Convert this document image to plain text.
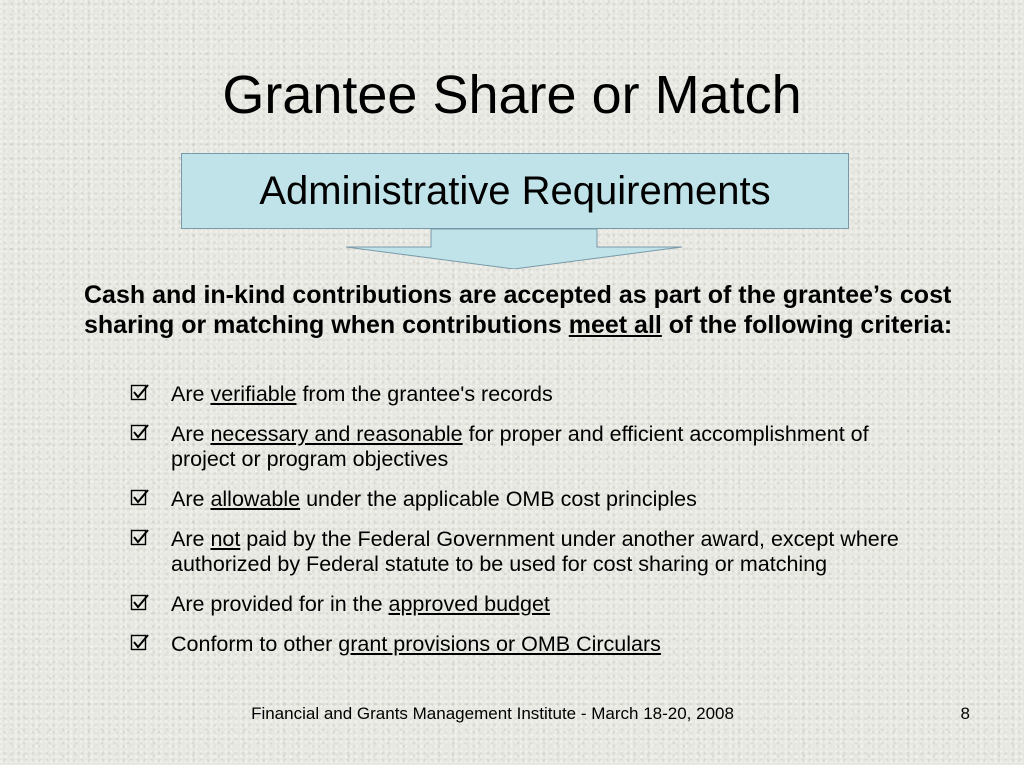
Grantee Share or Match
Administrative Requirements
Cash and in-kind contributions are accepted as part of the grantee’s cost sharing or matching when contributions meet all of the following criteria:
Are verifiable from the grantee's records
Are necessary and reasonable for proper and efficient accomplishment of project or program objectives
Are allowable under the applicable OMB cost principles
Are not paid by the Federal Government under another award, except where authorized by Federal statute to be used for cost sharing or matching
Are provided for in the approved budget
Conform to other grant provisions or OMB Circulars
Financial and Grants Management Institute - March 18-20, 2008	8
